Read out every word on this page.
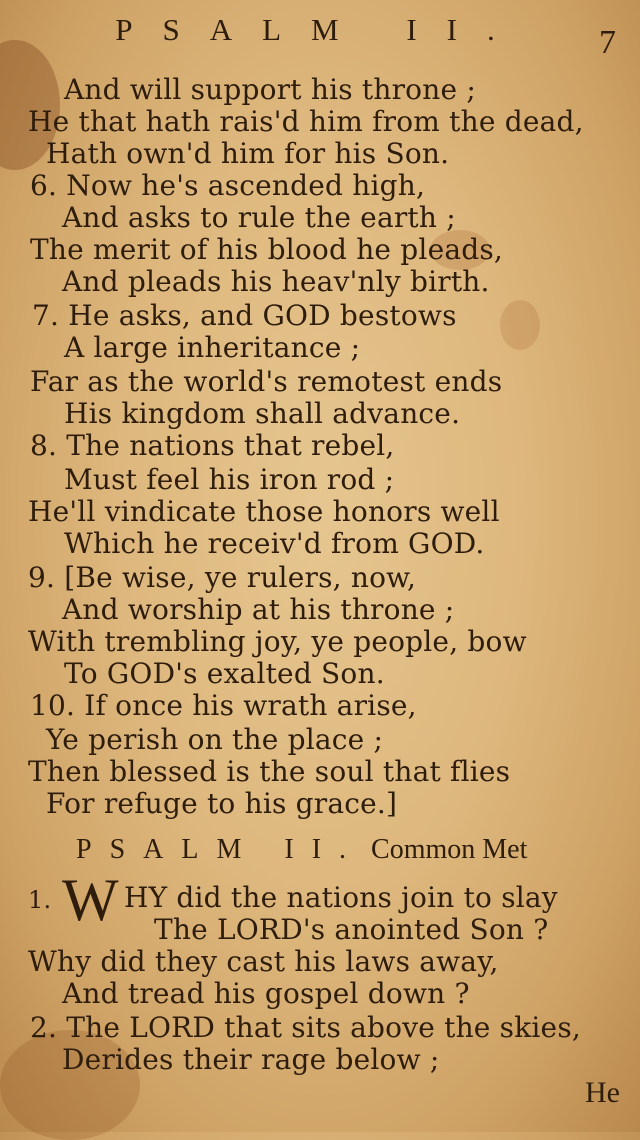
PSALM II.	7
And will support his throne ;
He that hath rais'd him from the dead,
Hath own'd him for his Son.
6. Now he's ascended high,
And asks to rule the earth ;
The merit of his blood he pleads,
And pleads his heav'nly birth.
7. He asks, and GOD bestows
A large inheritance ;
Far as the world's remotest ends
His kingdom shall advance.
8. The nations that rebel,
Must feel his iron rod ;
He'll vindicate those honors well
Which he receiv'd from GOD.
9. [Be wise, ye rulers, now,
And worship at his throne ;
With trembling joy, ye people, bow
To GOD's exalted Son.
10. If once his wrath arise,
Ye perish on the place ;
Then blessed is the soul that flies
For refuge to his grace.]
PSALM II. Common Met
1. W HY did the nations join to slay
The LORD's anointed Son ?
Why did they cast his laws away,
And tread his gospel down ?
2. The LORD that sits above the skies,
Derides their rage below ;
He
